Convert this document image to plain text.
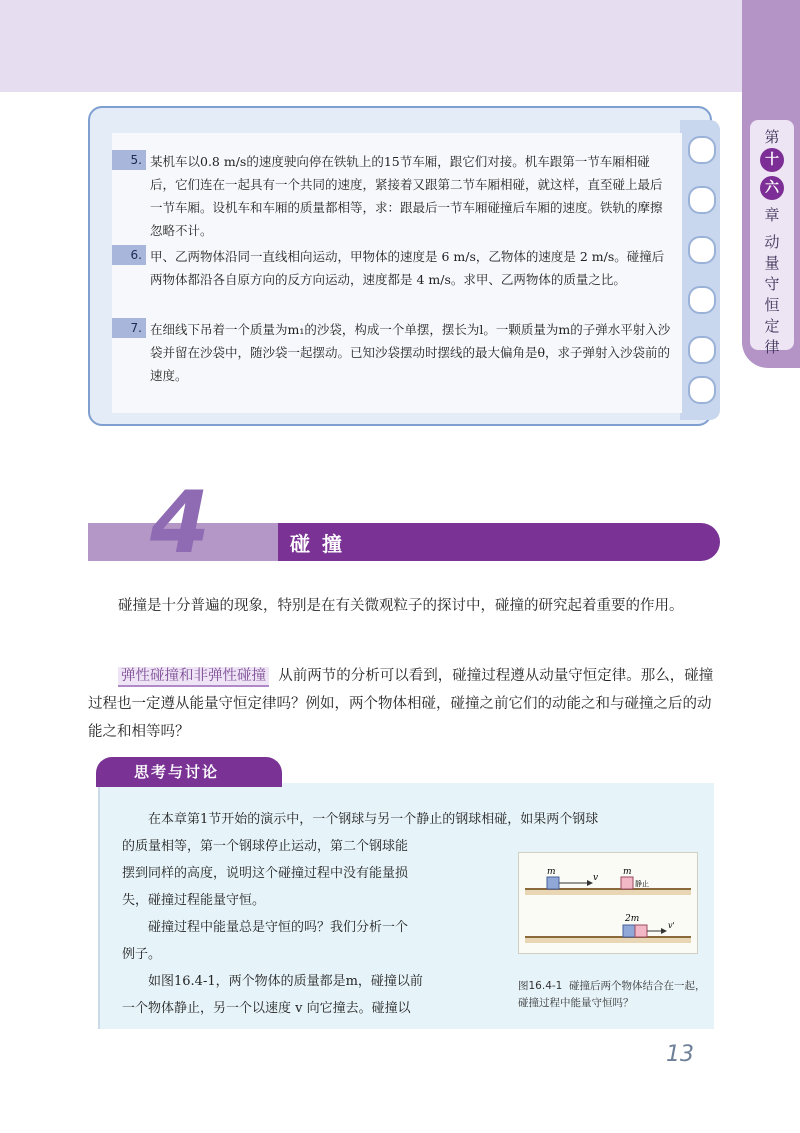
第
十
六
章
动
量
守
恒
定
律
5. 某机车以0.8 m/s的速度驶向停在铁轨上的15节车厢，跟它们对接。机车跟第一节车厢相碰后，它们连在一起具有一个共同的速度，紧接着又跟第二节车厢相碰，就这样，直至碰上最后一节车厢。设机车和车厢的质量都相等，求：跟最后一节车厢碰撞后车厢的速度。铁轨的摩擦忽略不计。
6. 甲、乙两物体沿同一直线相向运动，甲物体的速度是 6 m/s，乙物体的速度是 2 m/s。碰撞后两物体都沿各自原方向的反方向运动，速度都是 4 m/s。求甲、乙两物体的质量之比。
7. 在细线下吊着一个质量为m₁的沙袋，构成一个单摆，摆长为l。一颗质量为m的子弹水平射入沙袋并留在沙袋中，随沙袋一起摆动。已知沙袋摆动时摆线的最大偏角是θ，求子弹射入沙袋前的速度。
4	碰撞
碰撞是十分普遍的现象，特别是在有关微观粒子的探讨中，碰撞的研究起着重要的作用。
弹性碰撞和非弹性碰撞 从前两节的分析可以看到，碰撞过程遵从动量守恒定律。那么，碰撞过程也一定遵从能量守恒定律吗？例如，两个物体相碰，碰撞之前它们的动能之和与碰撞之后的动能之和相等吗？
思考与讨论
在本章第1节开始的演示中，一个钢球与另一个静止的钢球相碰，如果两个钢球
的质量相等，第一个钢球停止运动，第二个钢球能
摆到同样的高度，说明这个碰撞过程中没有能量损
失，碰撞过程能量守恒。
碰撞过程中能量总是守恒的吗？我们分析一个
例子。
如图16.4-1，两个物体的质量都是m，碰撞以前
一个物体静止，另一个以速度 v 向它撞去。碰撞以
m
v
m
静止
2m
v'
图16.4-1 碰撞后两个物体结合在一起，碰撞过程中能量守恒吗？
13
